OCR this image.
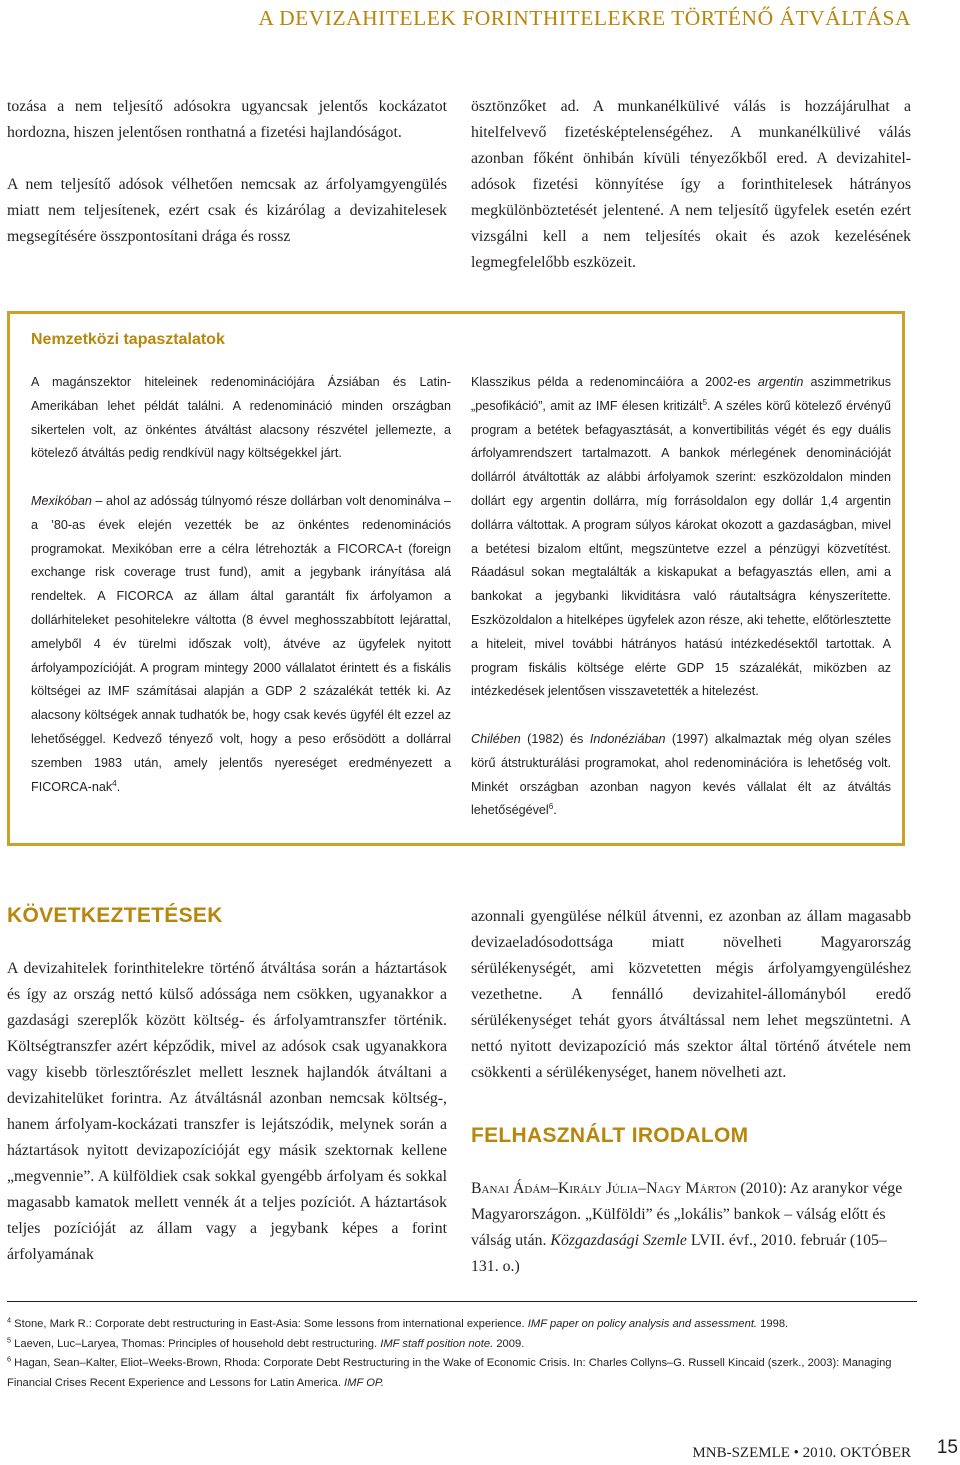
A DEVIZAHITELEK FORINTHITELEKRE TÖRTÉNŐ ÁTVÁLTÁSA

tozása a nem teljesítő adósokra ugyancsak jelentős kockázatot hordozna, hiszen jelentősen ronthatná a fizetési hajlandóságot.

A nem teljesítő adósok vélhetően nemcsak az árfolyamgyengülés miatt nem teljesítenek, ezért csak és kizárólag a devizahitelesek megsegítésére összpontosítani drága és rossz

ösztönzőket ad. A munkanélkülivé válás is hozzájárulhat a hitelfelvevő fizetésképtelenségéhez. A munkanélkülivé válás azonban főként önhibán kívüli tényezőkből ered. A devizahitel-adósok fizetési könnyítése így a forinthitelesek hátrányos megkülönböztetését jelentené. A nem teljesítő ügyfelek esetén ezért vizsgálni kell a nem teljesítés okait és azok kezelésének legmegfelelőbb eszközeit.

Nemzetközi tapasztalatok

A magánszektor hiteleinek redenominációjára Ázsiában és Latin-Amerikában lehet példát találni. A redenomináció minden országban sikertelen volt, az önkéntes átváltást alacsony részvétel jellemezte, a kötelező átváltás pedig rendkívül nagy költségekkel járt.

Mexikóban – ahol az adósság túlnyomó része dollárban volt denominálva – a ’80-as évek elején vezették be az önkéntes redenominációs programokat. Mexikóban erre a célra létrehozták a FICORCA-t (foreign exchange risk coverage trust fund), amit a jegybank irányítása alá rendeltek. A FICORCA az állam által garantált fix árfolyamon a dollárhiteleket pesohitelekre váltotta (8 évvel meghosszabbított lejárattal, amelyből 4 év türelmi időszak volt), átvéve az ügyfelek nyitott árfolyampozícióját. A program mintegy 2000 vállalatot érintett és a fiskális költségei az IMF számításai alapján a GDP 2 százalékát tették ki. Az alacsony költségek annak tudhatók be, hogy csak kevés ügyfél élt ezzel az lehetőséggel. Kedvező tényező volt, hogy a peso erősödött a dollárral szemben 1983 után, amely jelentős nyereséget eredményezett a FICORCA-nak$^4$.

Klasszikus példa a redenomincáióra a 2002-es argentin aszimmetrikus „pesofikáció”, amit az IMF élesen kritizált$^5$. A széles körű kötelező érvényű program a betétek befagyasztását, a konvertibilitás végét és egy duális árfolyamrendszert tartalmazott. A bankok mérlegének denominációját dollárról átváltották az alábbi árfolyamok szerint: eszközoldalon minden dollárt egy argentin dollárra, míg forrásoldalon egy dollár 1,4 argentin dollárra váltottak. A program súlyos károkat okozott a gazdaságban, mivel a betétesi bizalom eltűnt, megszüntetve ezzel a pénzügyi közvetítést. Ráadásul sokan megtalálták a kiskapukat a befagyasztás ellen, ami a bankokat a jegybanki likviditásra való ráutaltságra kényszerítette. Eszközoldalon a hitelképes ügyfelek azon része, aki tehette, előtörlesztette a hiteleit, mivel további hátrányos hatású intézkedésektől tartottak. A program fiskális költsége elérte GDP 15 százalékát, miközben az intézkedések jelentősen visszavetették a hitelezést.

Chilében (1982) és Indonéziában (1997) alkalmaztak még olyan széles körű átstrukturálási programokat, ahol redenominációra is lehetőség volt. Minkét országban azonban nagyon kevés vállalat élt az átváltás lehetőségével$^6$.

KÖVETKEZTETÉSEK

A devizahitelek forinthitelekre történő átváltása során a háztartások és így az ország nettó külső adóssága nem csökken, ugyanakkor a gazdasági szereplők között költség- és árfolyamtranszfer történik. Költségtranszfer azért képződik, mivel az adósok csak ugyanakkora vagy kisebb törlesztőrészlet mellett lesznek hajlandók átváltani a devizahitelüket forintra. Az átváltásnál azonban nemcsak költség-, hanem árfolyam-kockázati transzfer is lejátszódik, melynek során a háztartások nyitott devizapozícióját egy másik szektornak kellene „megvennie”. A külföldiek csak sokkal gyengébb árfolyam és sokkal magasabb kamatok mellett vennék át a teljes pozíciót. A háztartások teljes pozícióját az állam vagy a jegybank képes a forint árfolyamának

azonnali gyengülése nélkül átvenni, ez azonban az állam magasabb devizaeladósodottsága miatt növelheti Magyarország sérülékenységét, ami közvetetten mégis árfolyamgyengüléshez vezethetne. A fennálló devizahitel-állományból eredő sérülékenységet tehát gyors átváltással nem lehet megszüntetni. A nettó nyitott devizapozíció más szektor által történő átvétele nem csökkenti a sérülékenységet, hanem növelheti azt.

FELHASZNÁLT IRODALOM

Banai Ádám–Király Júlia–Nagy Márton (2010): Az aranykor vége Magyarországon. „Külföldi” és „lokális” bankok – válság előtt és válság után. Közgazdasági Szemle LVII. évf., 2010. február (105–131. o.)

$^4$ Stone, Mark R.: Corporate debt restructuring in East-Asia: Some lessons from international experience. IMF paper on policy analysis and assessment. 1998.
$^5$ Laeven, Luc–Laryea, Thomas: Principles of household debt restructuring. IMF staff position note. 2009.
$^6$ Hagan, Sean–Kalter, Eliot–Weeks-Brown, Rhoda: Corporate Debt Restructuring in the Wake of Economic Crisis. In: Charles Collyns–G. Russell Kincaid (szerk., 2003): Managing Financial Crises Recent Experience and Lessons for Latin America. IMF OP.
MNB-SZEMLE • 2010. OKTÓBER 15
